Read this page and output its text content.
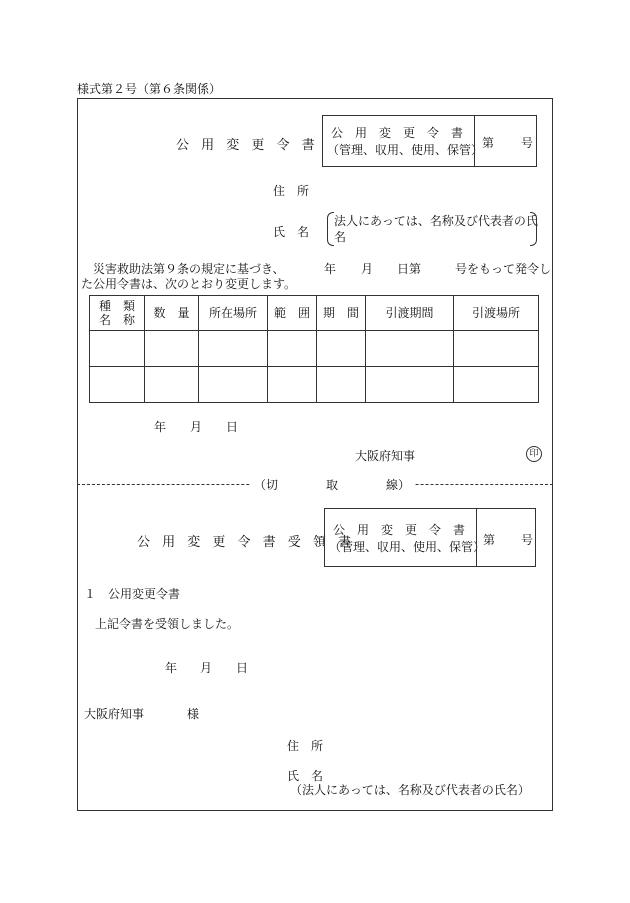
様式第２号（第６条関係）
公 用 変 更 令 書
公　用　変　更　令　書
（管理、収用、使用、保管）
第 号
住　所
氏　名
法人にあっては、名称及び代表者の氏
名
災害救助法第９条の規定に基づき、	年 月 日第	号をもって発令し
た公用令書は、次のとおり変更します。
種　類
名　称	数　量	所在場所	範　囲	期　間	引渡期間	引渡場所

年 月 日
大阪府知事	印
（切　　　　取　　　　線）
公 用 変 更 令 書 受 領 書
公　用　変　更　令　書
（管理、収用、使用、保管）
第 号
１　公用変更令書
上記令書を受領しました。
年 月 日
大阪府知事	様
住　所
氏　名
（法人にあっては、名称及び代表者の氏名）
